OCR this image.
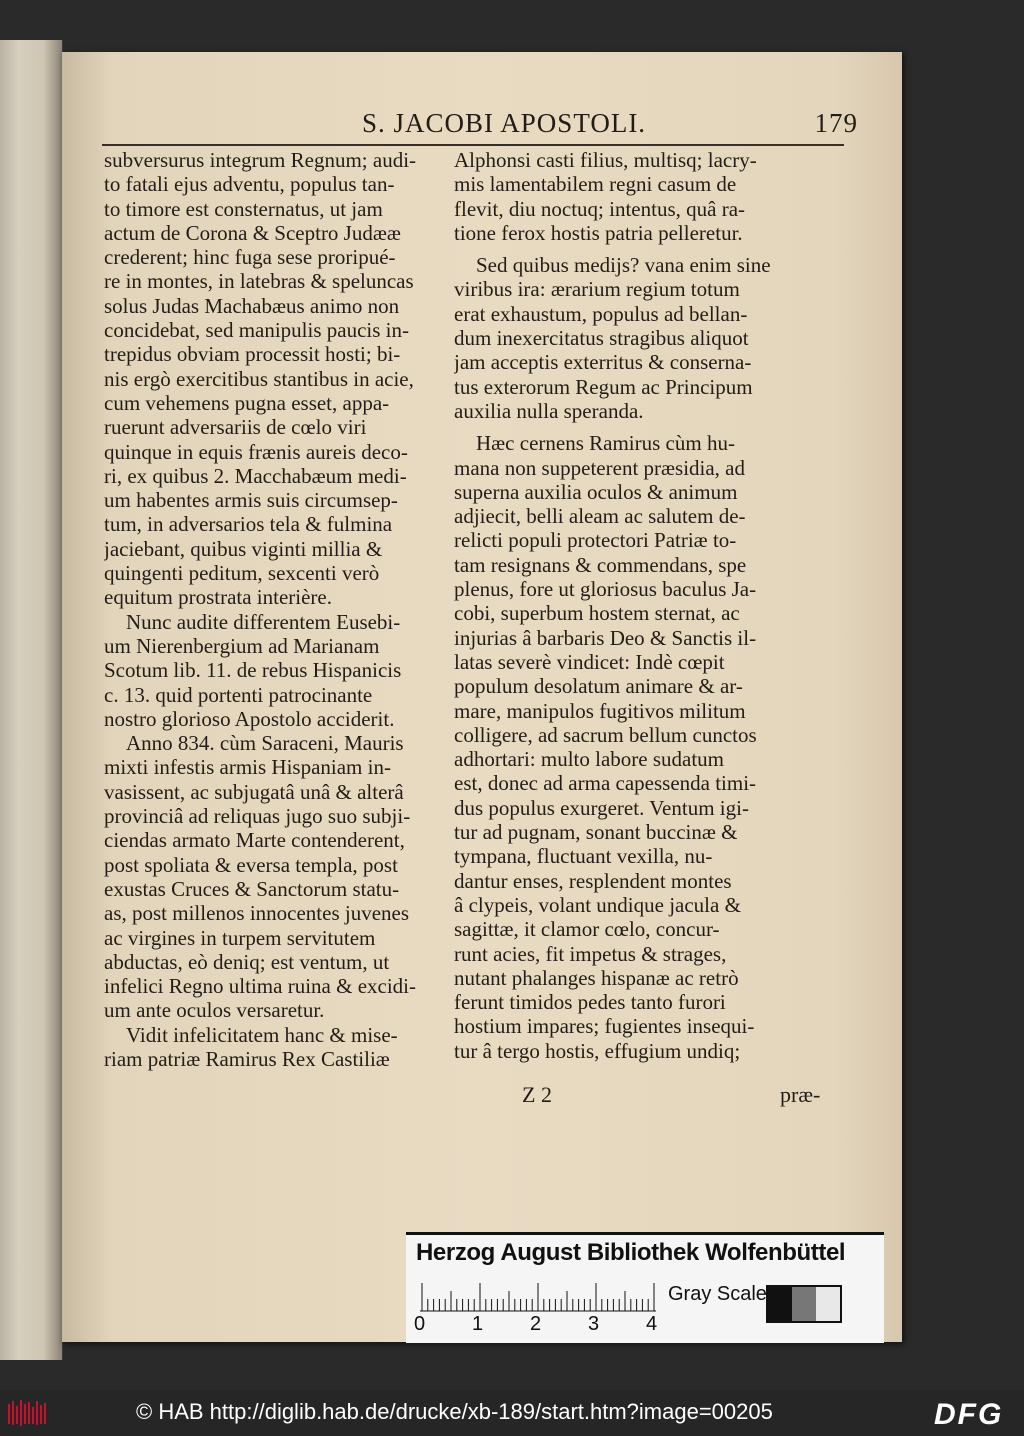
S. JACOBI APOSTOLI.	179
subversurus integrum Regnum; audi-
to fatali ejus adventu, populus tan-
to timore est consternatus, ut jam
actum de Corona & Sceptro Judææ
crederent; hinc fuga sese proripué-
re in montes, in latebras & speluncas
solus Judas Machabæus animo non
concidebat, sed manipulis paucis in-
trepidus obviam processit hosti; bi-
nis ergò exercitibus stantibus in acie,
cum vehemens pugna esset, appa-
ruerunt adversariis de cœlo viri
quinque in equis frænis aureis deco-
ri, ex quibus 2. Macchabæum medi-
um habentes armis suis circumsep-
tum, in adversarios tela & fulmina
jaciebant, quibus viginti millia &
quingenti peditum, sexcenti verò
equitum prostrata interière.
Nunc audite differentem Eusebi-
um Nierenbergium ad Marianam
Scotum lib. 11. de rebus Hispanicis
c. 13. quid portenti patrocinante
nostro glorioso Apostolo acciderit.
Anno 834. cùm Saraceni, Mauris
mixti infestis armis Hispaniam in-
vasissent, ac subjugatâ unâ & alterâ
provinciâ ad reliquas jugo suo subji-
ciendas armato Marte contenderent,
post spoliata & eversa templa, post
exustas Cruces & Sanctorum statu-
as, post millenos innocentes juvenes
ac virgines in turpem servitutem
abductas, eò deniq; est ventum, ut
infelici Regno ultima ruina & excidi-
um ante oculos versaretur.
Vidit infelicitatem hanc & mise-
riam patriæ Ramirus Rex Castiliæ
Alphonsi casti filius, multisq; lacry-
mis lamentabilem regni casum de
flevit, diu noctuq; intentus, quâ ra-
tione ferox hostis patria pelleretur.
Sed quibus medijs? vana enim sine
viribus ira: ærarium regium totum
erat exhaustum, populus ad bellan-
dum inexercitatus stragibus aliquot
jam acceptis exterritus & conserna-
tus exterorum Regum ac Principum
auxilia nulla speranda.
Hæc cernens Ramirus cùm hu-
mana non suppeterent præsidia, ad
superna auxilia oculos & animum
adjiecit, belli aleam ac salutem de-
relicti populi protectori Patriæ to-
tam resignans & commendans, spe
plenus, fore ut gloriosus baculus Ja-
cobi, superbum hostem sternat, ac
injurias â barbaris Deo & Sanctis il-
latas severè vindicet: Indè cœpit
populum desolatum animare & ar-
mare, manipulos fugitivos militum
colligere, ad sacrum bellum cunctos
adhortari: multo labore sudatum
est, donec ad arma capessenda timi-
dus populus exurgeret. Ventum igi-
tur ad pugnam, sonant buccinæ &
tympana, fluctuant vexilla, nu-
dantur enses, resplendent montes
â clypeis, volant undique jacula &
sagittæ, it clamor cœlo, concur-
runt acies, fit impetus & strages,
nutant phalanges hispanæ ac retrò
ferunt timidos pedes tanto furori
hostium impares; fugientes insequi-
tur â tergo hostis, effugium undiq;
Z 2	præ-
Herzog August Bibliothek Wolfenbüttel
0 1 2 3 4
Gray Scale
© HAB http://diglib.hab.de/drucke/xb-189/start.htm?image=00205	DFG
